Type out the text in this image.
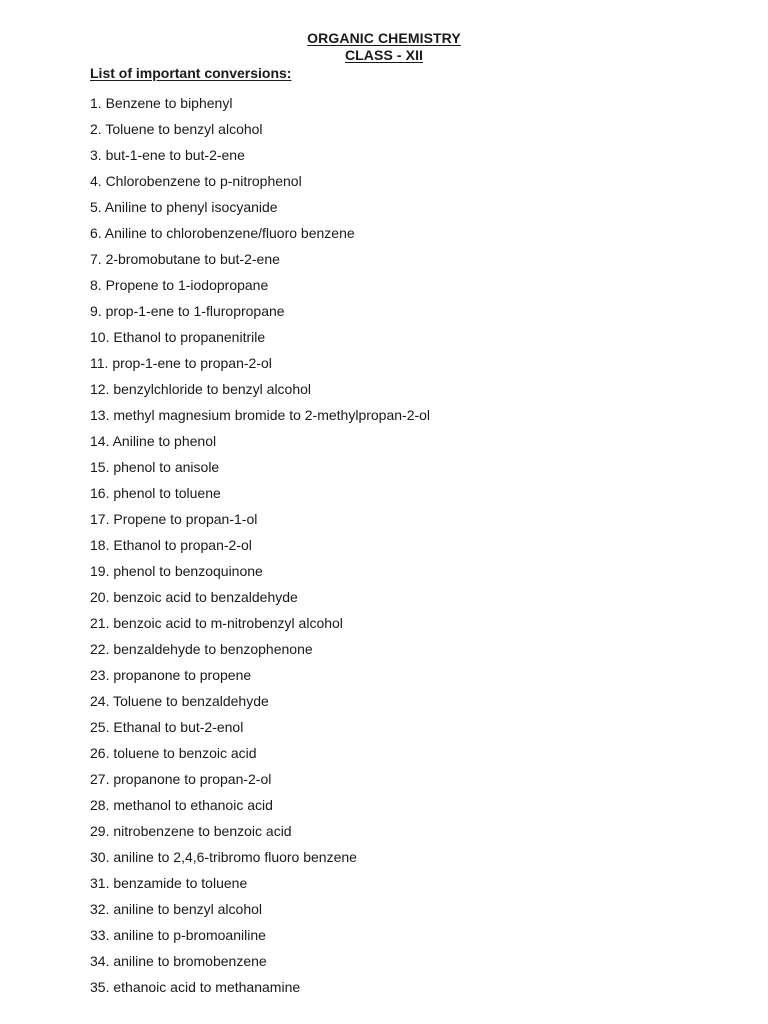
ORGANIC CHEMISTRY
CLASS - XII
List of important conversions:
1. Benzene to biphenyl
2. Toluene to benzyl alcohol
3. but-1-ene to but-2-ene
4. Chlorobenzene to p-nitrophenol
5. Aniline to phenyl isocyanide
6. Aniline to chlorobenzene/fluoro benzene
7. 2-bromobutane to but-2-ene
8. Propene to 1-iodopropane
9. prop-1-ene to 1-fluropropane
10. Ethanol to propanenitrile
11. prop-1-ene to propan-2-ol
12. benzylchloride to benzyl alcohol
13. methyl magnesium bromide to 2-methylpropan-2-ol
14. Aniline to phenol
15. phenol to anisole
16. phenol to toluene
17. Propene to propan-1-ol
18. Ethanol to propan-2-ol
19. phenol to benzoquinone
20. benzoic acid to benzaldehyde
21. benzoic acid to m-nitrobenzyl alcohol
22. benzaldehyde to benzophenone
23. propanone to propene
24. Toluene to benzaldehyde
25. Ethanal to but-2-enol
26. toluene to benzoic acid
27. propanone to propan-2-ol
28. methanol to ethanoic acid
29. nitrobenzene to benzoic acid
30. aniline to 2,4,6-tribromo fluoro benzene
31. benzamide to toluene
32. aniline to benzyl alcohol
33. aniline to p-bromoaniline
34. aniline to bromobenzene
35. ethanoic acid to methanamine
